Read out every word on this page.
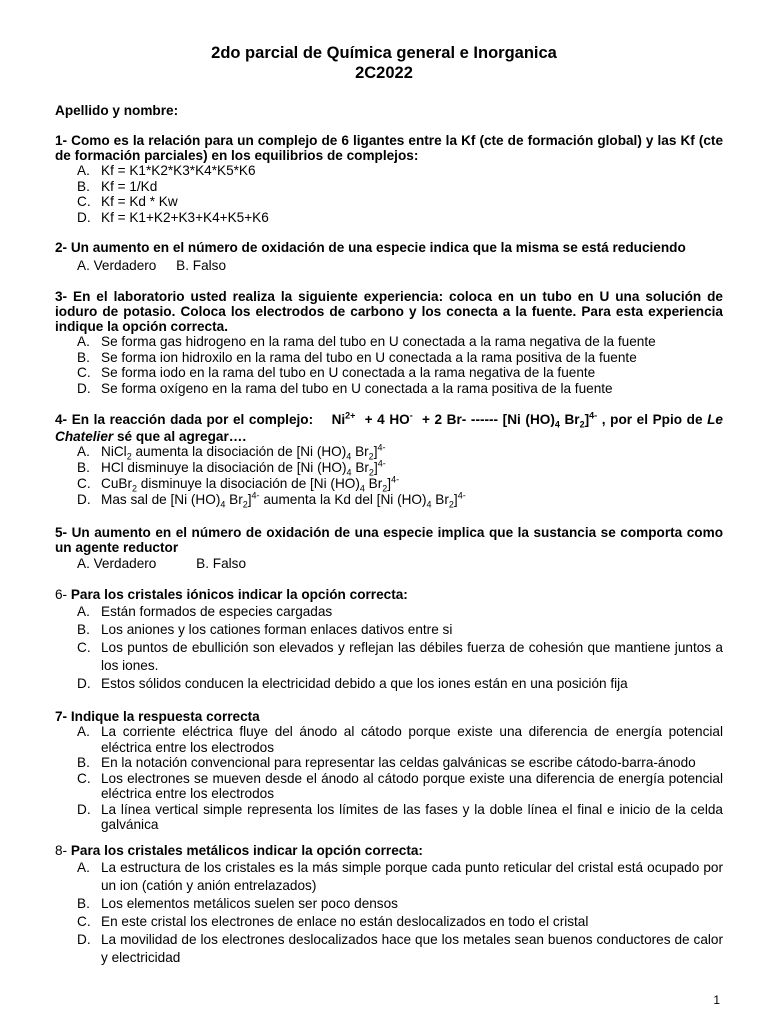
2do parcial de Química general e Inorganica
2C2022
Apellido y nombre:
1- Como es la relación para un complejo de 6 ligantes entre la Kf (cte de formación global) y las Kf (cte de formación parciales) en los equilibrios de complejos:
A. Kf = K1*K2*K3*K4*K5*K6
B. Kf = 1/Kd
C. Kf = Kd * Kw
D. Kf = K1+K2+K3+K4+K5+K6
2- Un aumento en el número de oxidación de una especie indica que la misma se está reduciendo
A. Verdadero B. Falso
3- En el laboratorio usted realiza la siguiente experiencia: coloca en un tubo en U una solución de ioduro de potasio. Coloca los electrodos de carbono y los conecta a la fuente. Para esta experiencia indique la opción correcta.
A. Se forma gas hidrogeno en la rama del tubo en U conectada a la rama negativa de la fuente
B. Se forma ion hidroxilo en la rama del tubo en U conectada a la rama positiva de la fuente
C. Se forma iodo en la rama del tubo en U conectada a la rama negativa de la fuente
D. Se forma oxígeno en la rama del tubo en U conectada a la rama positiva de la fuente
4- En la reacción dada por el complejo: $Ni^{2+} + 4$ HO- + 2 Br- ------ [Ni $(HO)_4$ $Br_2]^{4-}$ , por el Ppio de Le Chatelier sé que al agregar….
A. NiCl$_2$ aumenta la disociación de [Ni $(HO)_4$ $Br_2]^{4-}$
B. HCl disminuye la disociación de [Ni $(HO)_4$ $Br_2]^{4-}$
C. CuBr$_2$ disminuye la disociación de [Ni $(HO)_4$ $Br_2]^{4-}$
D. Mas sal de [Ni $(HO)_4$ $Br_2]^{4-}$ aumenta la Kd del [Ni $(HO)_4$ $Br_2]^{4-}$
5- Un aumento en el número de oxidación de una especie implica que la sustancia se comporta como un agente reductor
A. Verdadero	B. Falso
6- Para los cristales iónicos indicar la opción correcta:
A. Están formados de especies cargadas
B. Los aniones y los cationes forman enlaces dativos entre si
C. Los puntos de ebullición son elevados y reflejan las débiles fuerza de cohesión que mantiene juntos a los iones.
D. Estos sólidos conducen la electricidad debido a que los iones están en una posición fija
7- Indique la respuesta correcta
A. La corriente eléctrica fluye del ánodo al cátodo porque existe una diferencia de energía potencial eléctrica entre los electrodos
B. En la notación convencional para representar las celdas galvánicas se escribe cátodo-barra-ánodo
C. Los electrones se mueven desde el ánodo al cátodo porque existe una diferencia de energía potencial eléctrica entre los electrodos
D. La línea vertical simple representa los límites de las fases y la doble línea el final e inicio de la celda galvánica
8- Para los cristales metálicos indicar la opción correcta:
A. La estructura de los cristales es la más simple porque cada punto reticular del cristal está ocupado por un ion (catión y anión entrelazados)
B. Los elementos metálicos suelen ser poco densos
C. En este cristal los electrones de enlace no están deslocalizados en todo el cristal
D. La movilidad de los electrones deslocalizados hace que los metales sean buenos conductores de calor y electricidad
1
